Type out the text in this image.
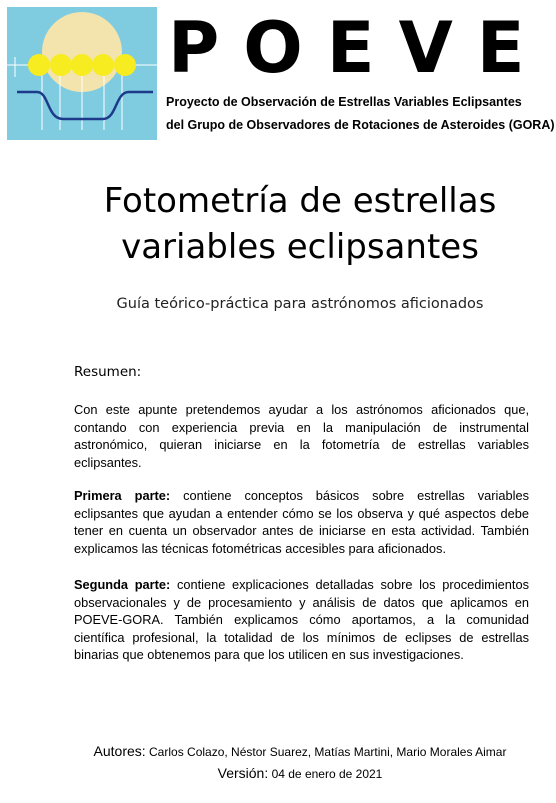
POEVE
Proyecto de Observación de Estrellas Variables Eclipsantes
del Grupo de Observadores de Rotaciones de Asteroides (GORA)
Fotometría de estrellas
variables eclipsantes
Guía teórico-práctica para astrónomos aficionados
Resumen:
Con este apunte pretendemos ayudar a los astrónomos aficionados que, contando con experiencia previa en la manipulación de instrumental astronómico, quieran iniciarse en la fotometría de estrellas variables eclipsantes.
Primera parte: contiene conceptos básicos sobre estrellas variables eclipsantes que ayudan a entender cómo se los observa y qué aspectos debe tener en cuenta un observador antes de iniciarse en esta actividad. También explicamos las técnicas fotométricas accesibles para aficionados.
Segunda parte: contiene explicaciones detalladas sobre los procedimientos observacionales y de procesamiento y análisis de datos que aplicamos en POEVE-GORA. También explicamos cómo aportamos, a la comunidad científica profesional, la totalidad de los mínimos de eclipses de estrellas binarias que obtenemos para que los utilicen en sus investigaciones.
Autores: Carlos Colazo, Néstor Suarez, Matías Martini, Mario Morales Aimar
Versión: 04 de enero de 2021
